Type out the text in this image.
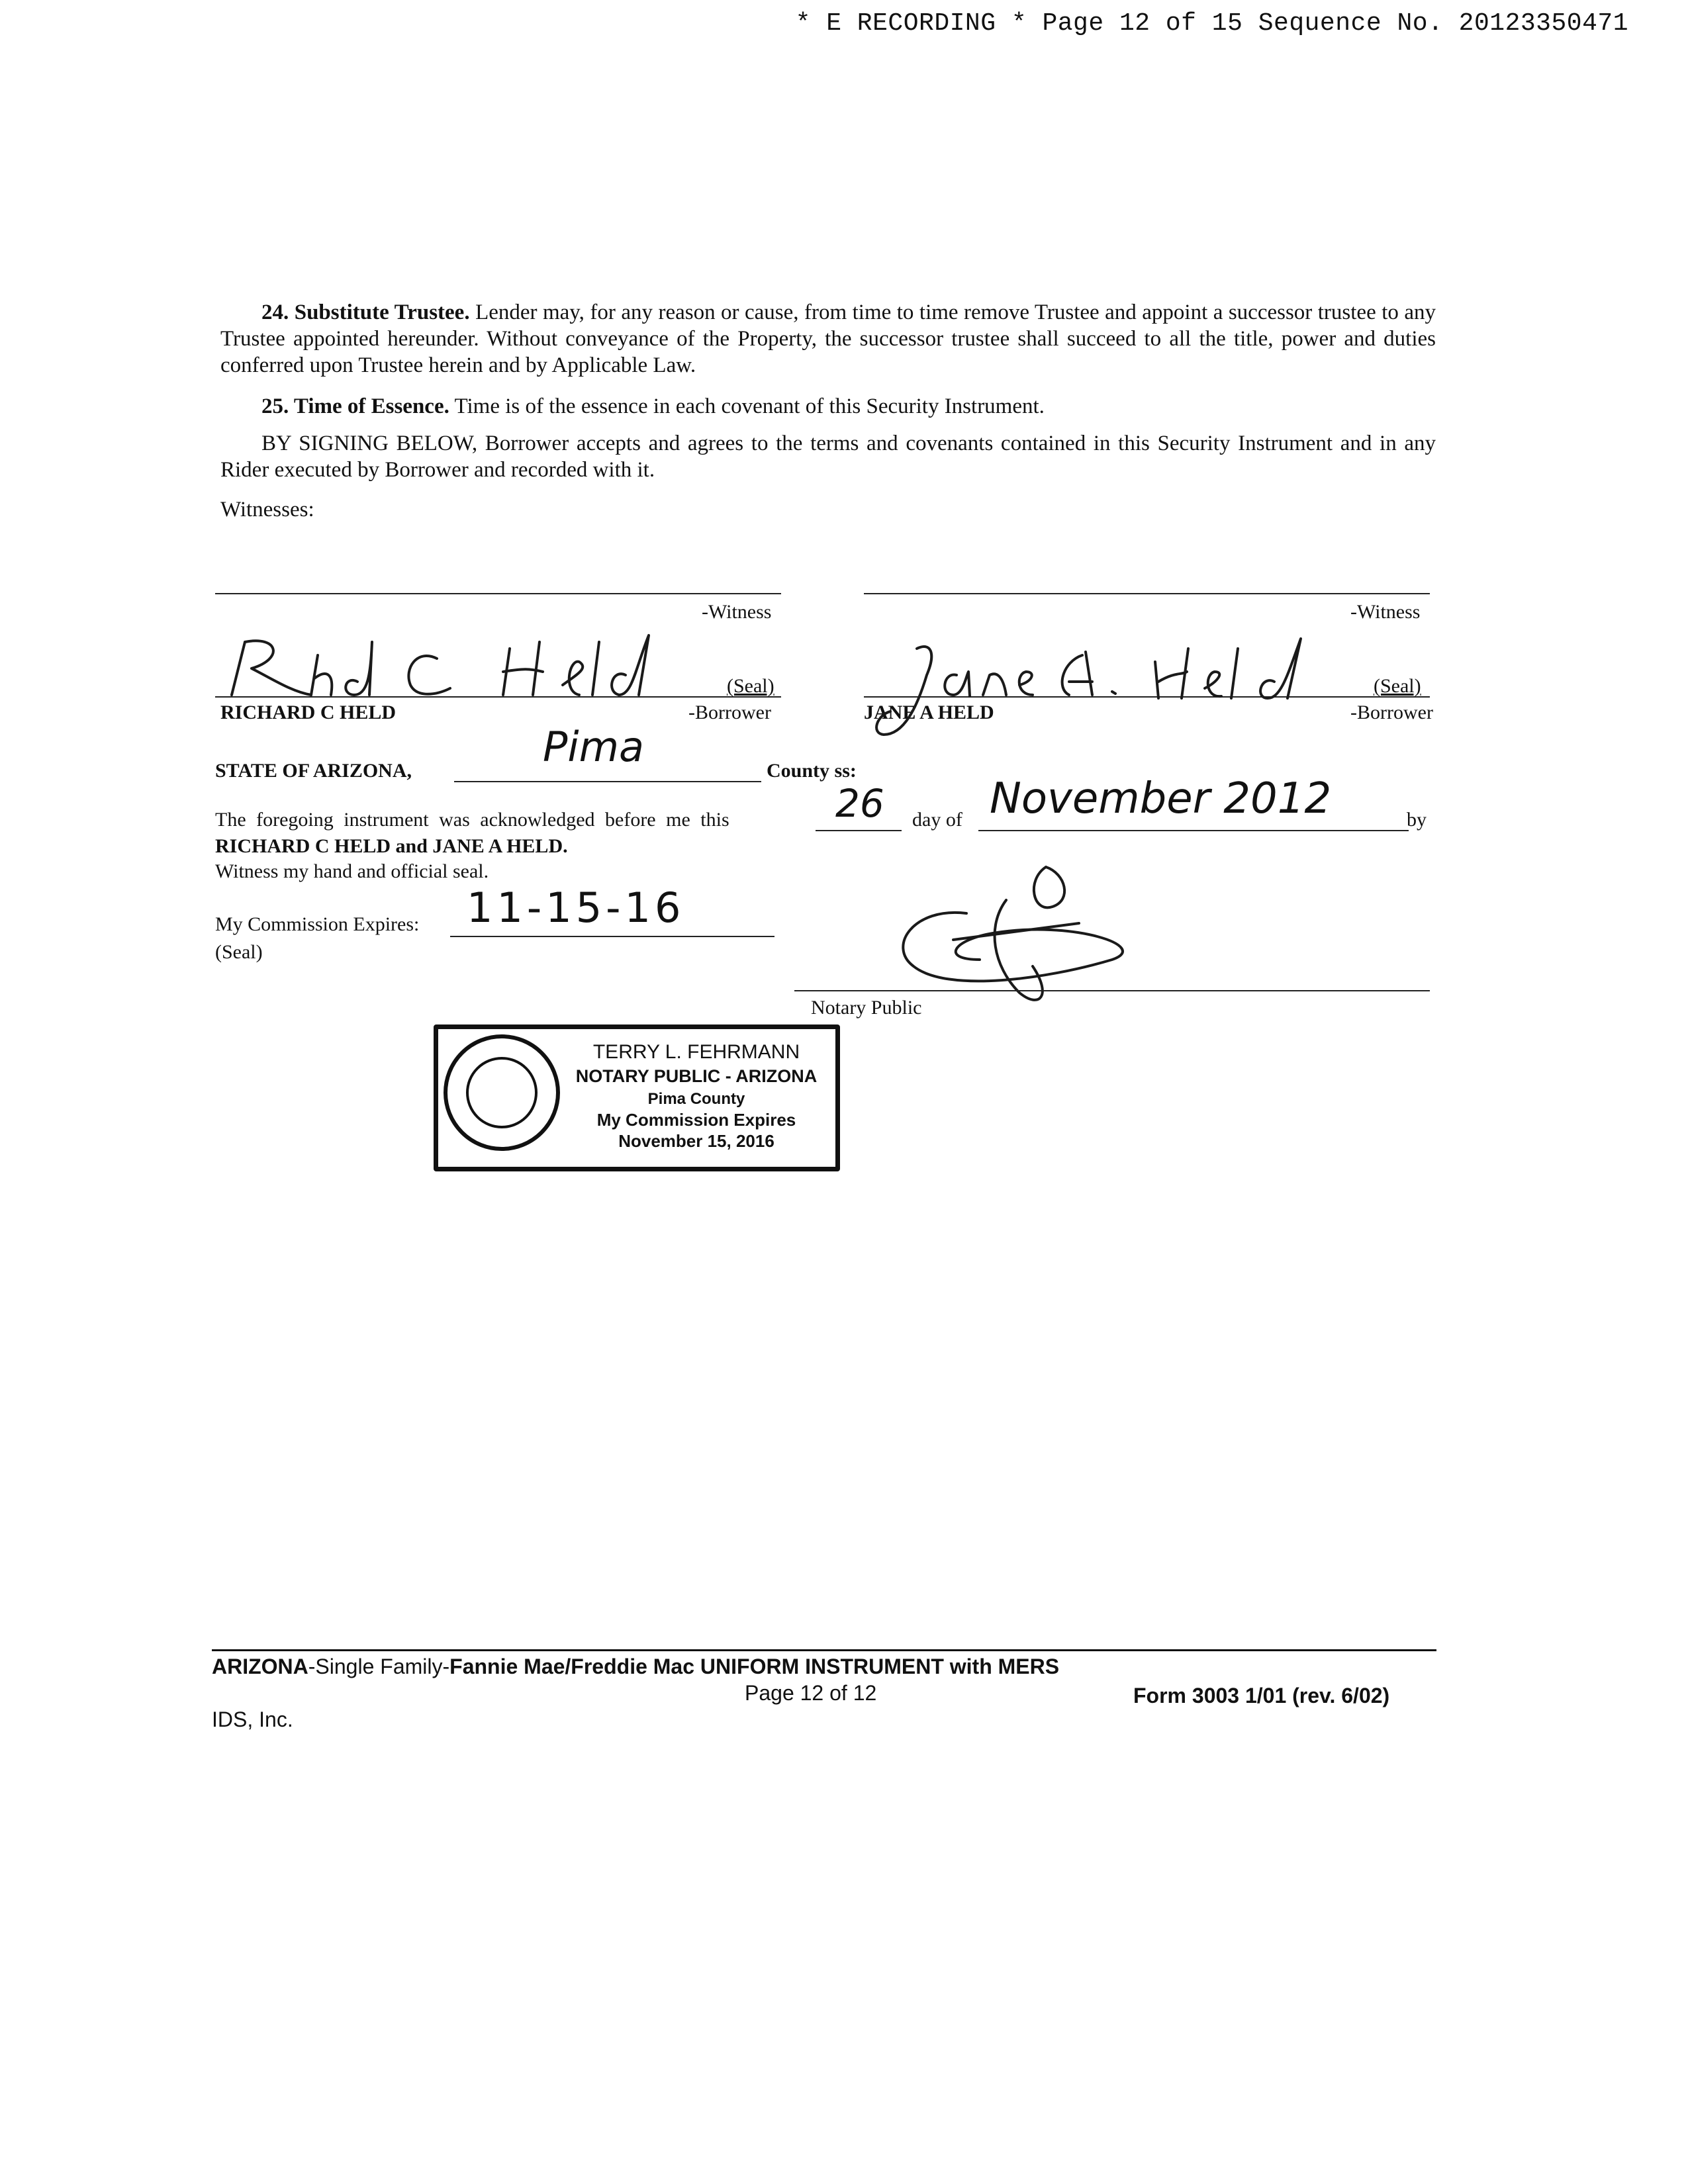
* E RECORDING * Page 12 of 15 Sequence No. 20123350471
24. Substitute Trustee. Lender may, for any reason or cause, from time to time remove Trustee and appoint a successor trustee to any Trustee appointed hereunder. Without conveyance of the Property, the successor trustee shall succeed to all the title, power and duties conferred upon Trustee herein and by Applicable Law.
25. Time of Essence. Time is of the essence in each covenant of this Security Instrument.
BY SIGNING BELOW, Borrower accepts and agrees to the terms and covenants contained in this Security Instrument and in any Rider executed by Borrower and recorded with it.
Witnesses:
-Witness	-Witness
(Seal)
RICHARD C HELD	-Borrower
(Seal)
JANE A HELD	-Borrower
STATE OF ARIZONA,	Pima	County ss:
The foregoing instrument was acknowledged before me this	26 day of November 2012	by
RICHARD C HELD and JANE A HELD.
Witness my hand and official seal.
My Commission Expires: 11-15-16
(Seal)
Notary Public
TERRY L. FEHRMANN
NOTARY PUBLIC - ARIZONA
Pima County
My Commission Expires
November 15, 2016
ARIZONA-Single Family-Fannie Mae/Freddie Mac UNIFORM INSTRUMENT with MERS
Page 12 of 12	Form 3003 1/01 (rev. 6/02)
IDS, Inc.
